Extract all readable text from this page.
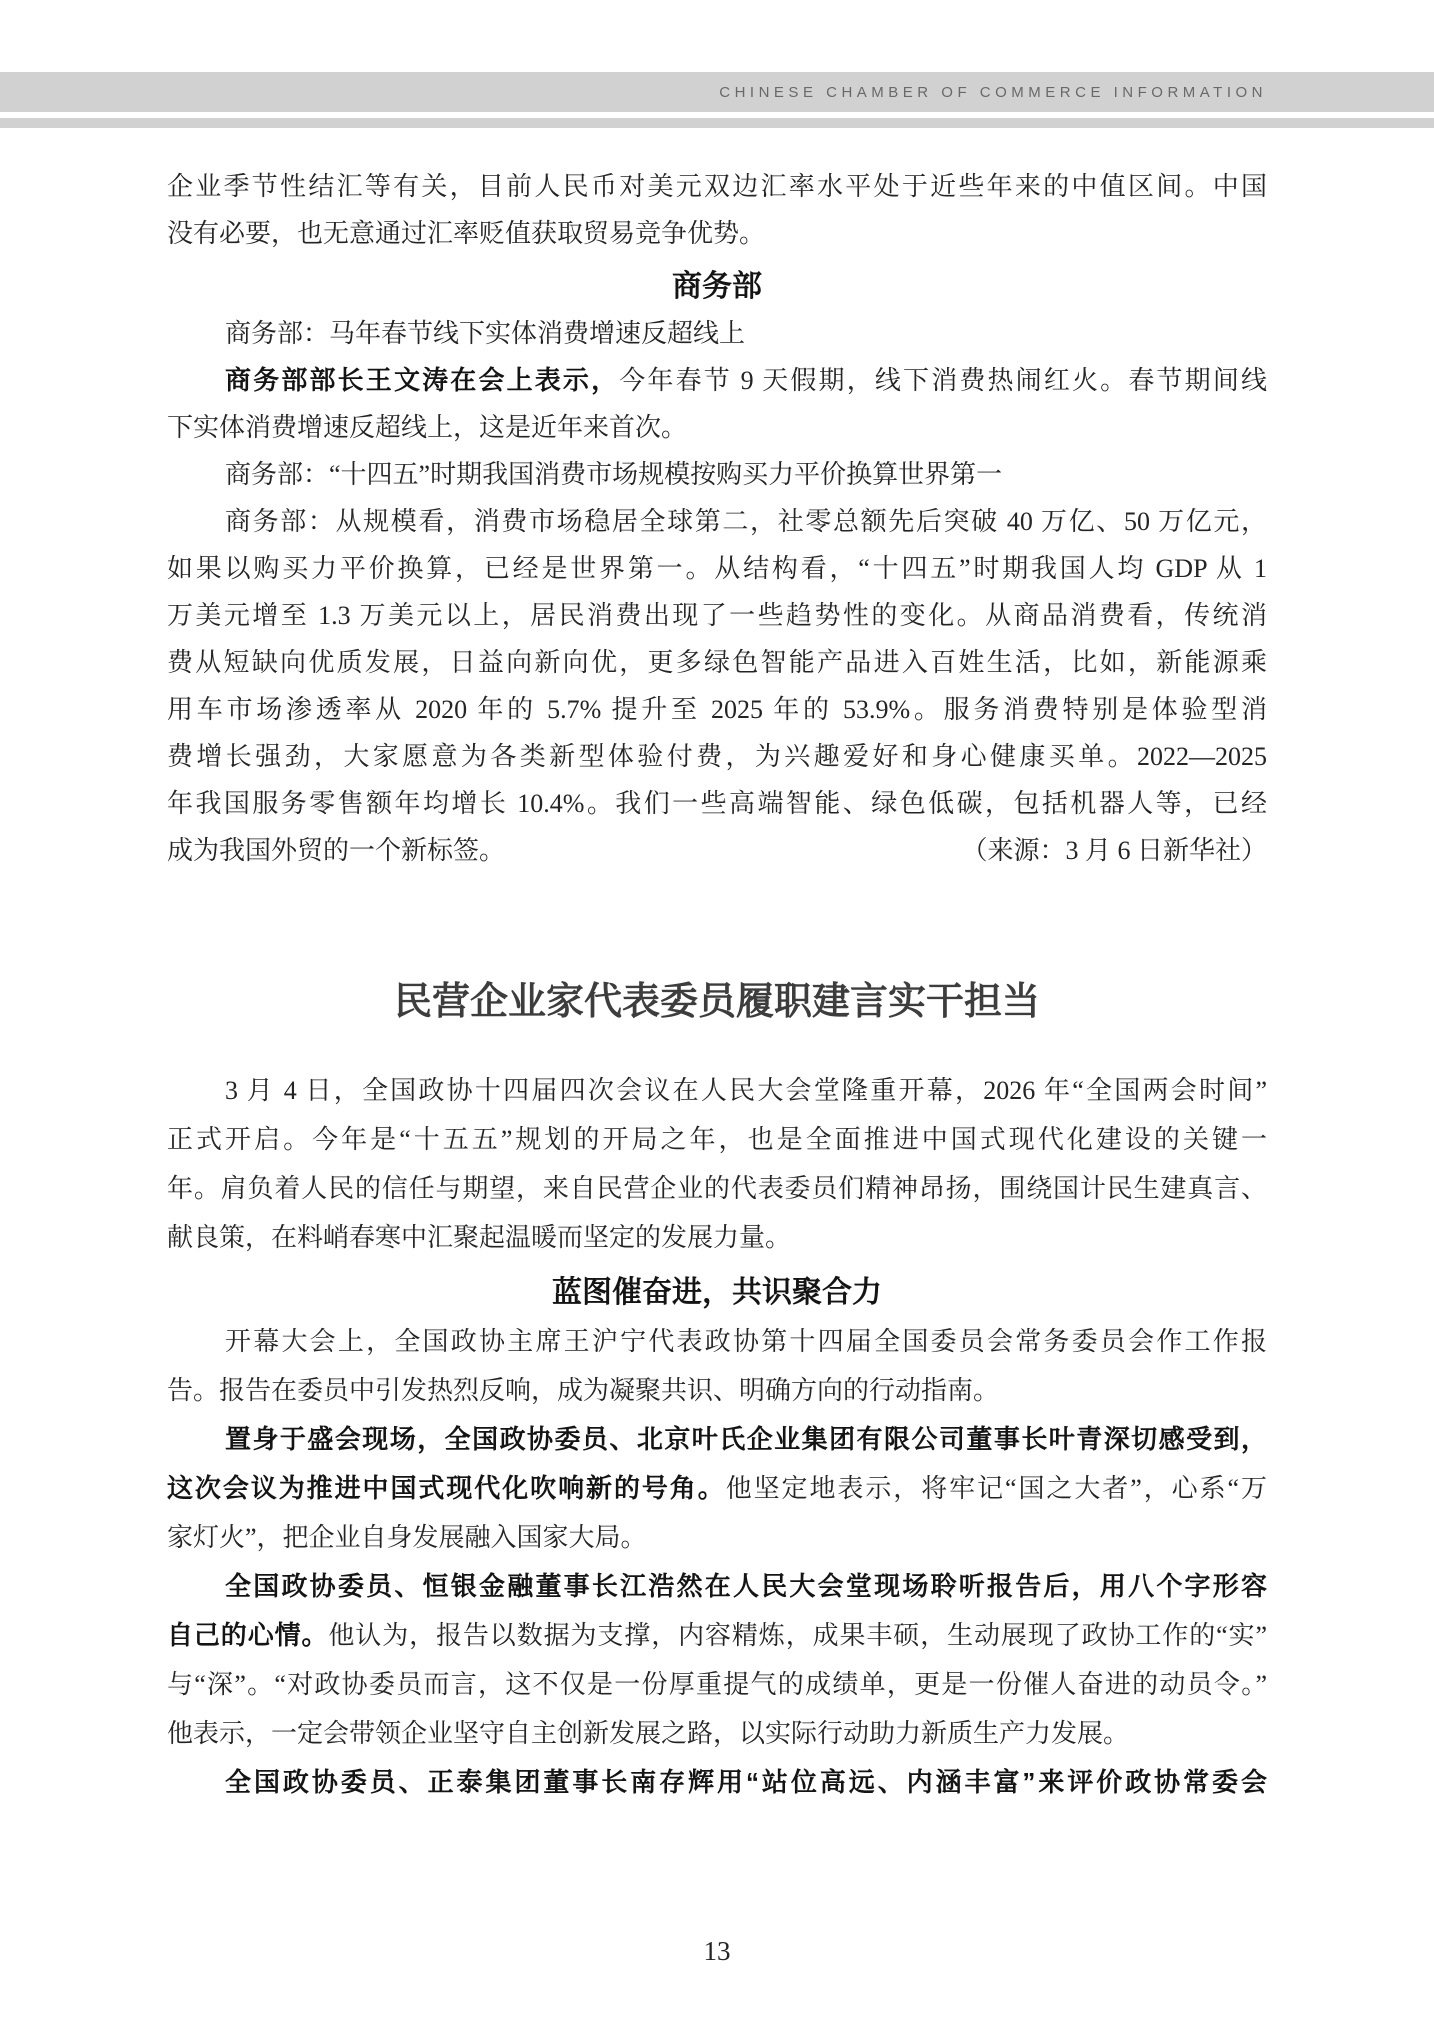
CHINESE CHAMBER OF COMMERCE INFORMATION
企业季节性结汇等有关，目前人民币对美元双边汇率水平处于近些年来的中值区间。中国
没有必要，也无意通过汇率贬值获取贸易竞争优势。
商务部
商务部：马年春节线下实体消费增速反超线上
商务部部长王文涛在会上表示，今年春节 9 天假期，线下消费热闹红火。春节期间线
下实体消费增速反超线上，这是近年来首次。
商务部：“十四五”时期我国消费市场规模按购买力平价换算世界第一
商务部：从规模看，消费市场稳居全球第二，社零总额先后突破 40 万亿、50 万亿元，
如果以购买力平价换算，已经是世界第一。从结构看，“十四五”时期我国人均 GDP 从 1
万美元增至 1.3 万美元以上，居民消费出现了一些趋势性的变化。从商品消费看，传统消
费从短缺向优质发展，日益向新向优，更多绿色智能产品进入百姓生活，比如，新能源乘
用车市场渗透率从 2020 年的 5.7% 提升至 2025 年的 53.9%。服务消费特别是体验型消
费增长强劲，大家愿意为各类新型体验付费，为兴趣爱好和身心健康买单。2022—2025
年我国服务零售额年均增长 10.4%。我们一些高端智能、绿色低碳，包括机器人等，已经
成为我国外贸的一个新标签。	（来源：3 月 6 日新华社）
民营企业家代表委员履职建言实干担当
3 月 4 日，全国政协十四届四次会议在人民大会堂隆重开幕，2026 年“全国两会时间”
正式开启。今年是“十五五”规划的开局之年，也是全面推进中国式现代化建设的关键一
年。肩负着人民的信任与期望，来自民营企业的代表委员们精神昂扬，围绕国计民生建真言、
献良策，在料峭春寒中汇聚起温暖而坚定的发展力量。
蓝图催奋进，共识聚合力
开幕大会上，全国政协主席王沪宁代表政协第十四届全国委员会常务委员会作工作报
告。报告在委员中引发热烈反响，成为凝聚共识、明确方向的行动指南。
置身于盛会现场，全国政协委员、北京叶氏企业集团有限公司董事长叶青深切感受到，
这次会议为推进中国式现代化吹响新的号角。他坚定地表示，将牢记“国之大者”，心系“万
家灯火”，把企业自身发展融入国家大局。
全国政协委员、恒银金融董事长江浩然在人民大会堂现场聆听报告后，用八个字形容
自己的心情。他认为，报告以数据为支撑，内容精炼，成果丰硕，生动展现了政协工作的“实”
与“深”。“对政协委员而言，这不仅是一份厚重提气的成绩单，更是一份催人奋进的动员令。”
他表示，一定会带领企业坚守自主创新发展之路，以实际行动助力新质生产力发展。
全国政协委员、正泰集团董事长南存辉用“站位高远、内涵丰富”来评价政协常委会
13
